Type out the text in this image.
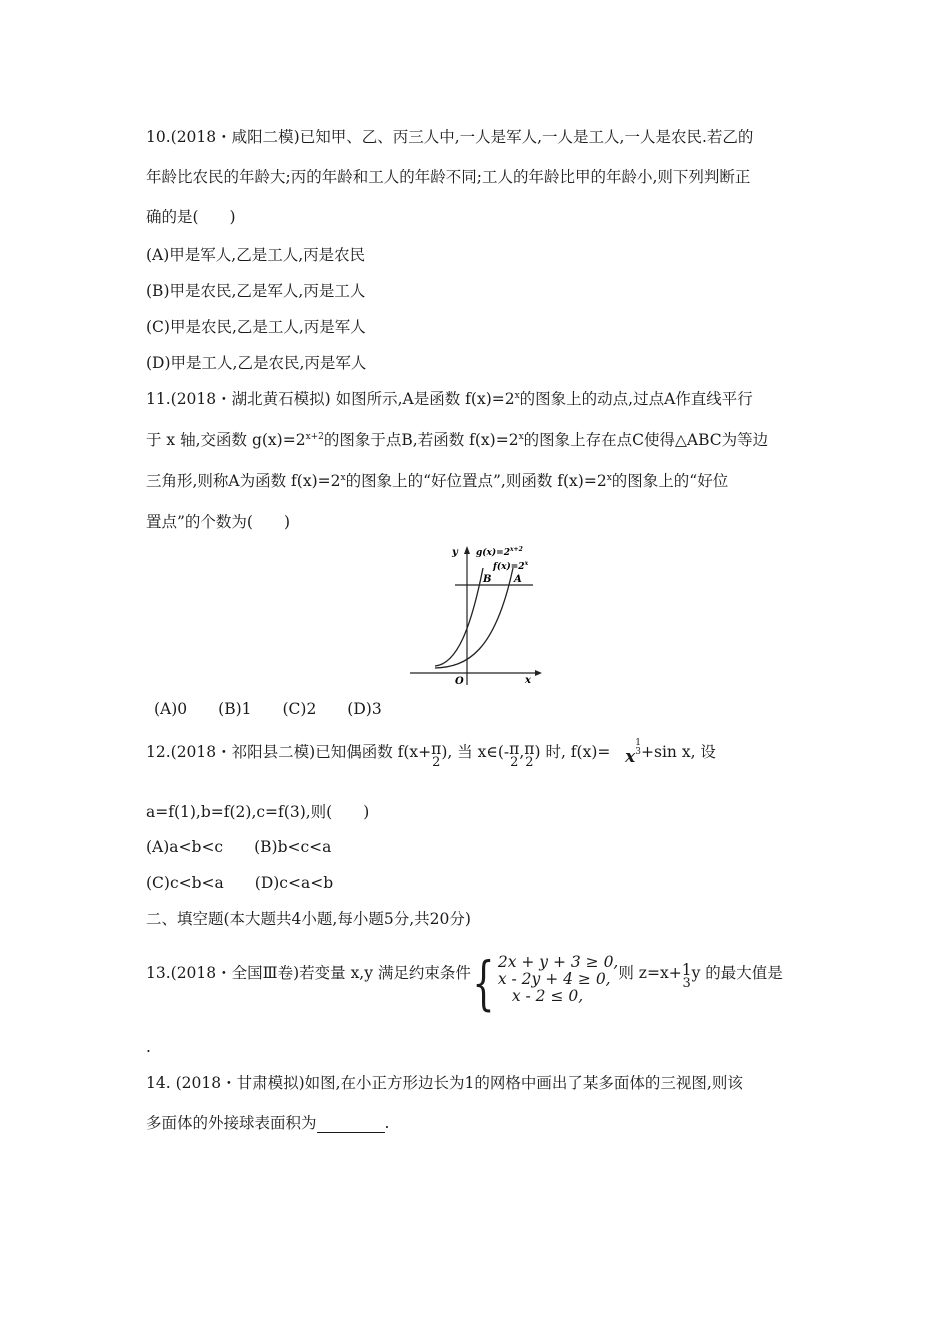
10.(2018・咸阳二模)已知甲、乙、丙三人中,一人是军人,一人是工人,一人是农民.若乙的
年龄比农民的年龄大;丙的年龄和工人的年龄不同;工人的年龄比甲的年龄小,则下列判断正
确的是(　　)
(A)甲是军人,乙是工人,丙是农民
(B)甲是农民,乙是军人,丙是工人
(C)甲是农民,乙是工人,丙是军人
(D)甲是工人,乙是农民,丙是军人
11.(2018・湖北黄石模拟) 如图所示,A是函数 $f(x)=2^x$的图象上的动点,过点A作直线平行
于 x 轴,交函数 $g(x)=2^{x+2}$的图象于点B,若函数 $f(x)=2^x$的图象上存在点C使得△ABC为等边
三角形,则称A为函数 $f(x)=2^x$的图象上的“好位置点”,则函数 $f(x)=2^x$的图象上的“好位
置点”的个数为(　　)
y
x
O
$g(x)=2^{x+2}$
$f(x)=2^x$
B A
(A)0　　(B)1　　(C)2　　(D)3
12.(2018・祁阳县二模)已知偶函数 f(x+ π
2
), 当 x∈(- π
2
, π
2
) 时, f(x)= x
1
3 +sin x, 设
a=f(1),b=f(2),c=f(3),则(　　)
(A)a<b<c　　(B)b<c<a
(C)c<b<a　　(D)c<a<b
二、填空题(本大题共4小题,每小题5分,共20分)
13.(2018・全国Ⅲ卷)若变量 x,y 满足约束条件{ 2x + y + 3 ≥ 0,
x - 2y + 4 ≥ 0,
x - 2 ≤ 0,
则 z=x+ 1
3
y 的最大值是
.
14. (2018・甘肃模拟)如图,在小正方形边长为1的网格中画出了某多面体的三视图,则该
多面体的外接球表面积为	.
